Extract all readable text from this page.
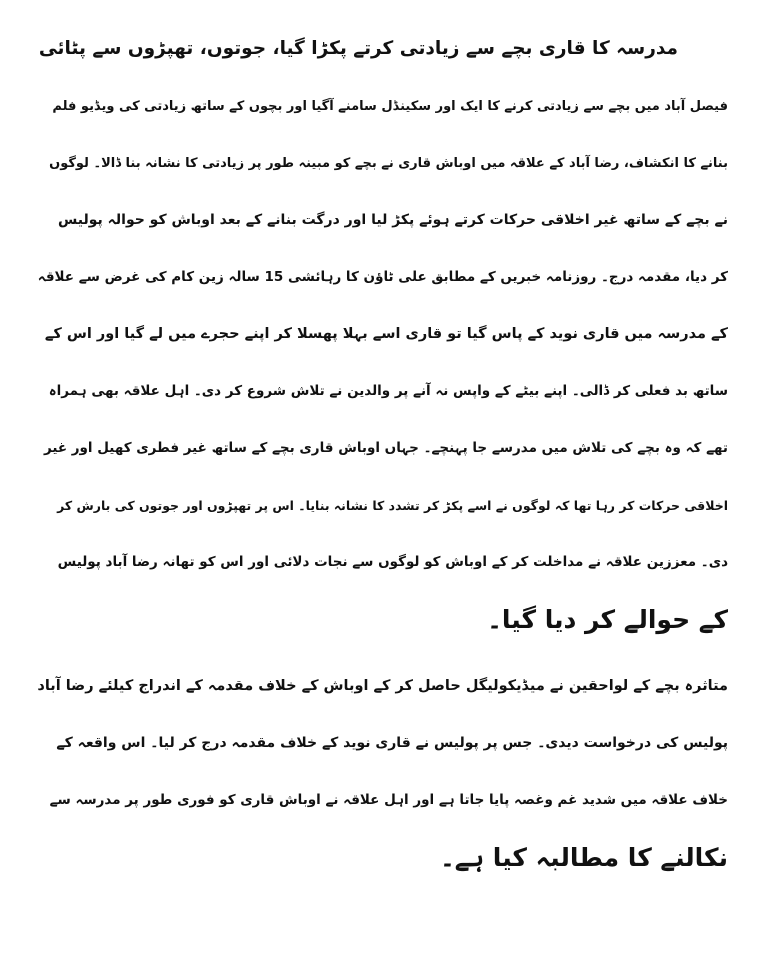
مدرسہ کا قاری بچے سے زیادتی کرتے پکڑا گیا، جوتوں، تھپڑوں سے پٹائی

فیصل آباد میں بچے سے زیادتی کرنے کا ایک اور سکینڈل سامنے آگیا اور بچوں کے ساتھ زیادتی کی ویڈیو فلم
بنانے کا انکشاف، رضا آباد کے علاقہ میں اوباش قاری نے بچے کو مبینہ طور پر زیادتی کا نشانہ بنا ڈالا۔ لوگوں
نے بچے کے ساتھ غیر اخلاقی حرکات کرتے ہوئے پکڑ لیا اور درگت بنانے کے بعد اوباش کو حوالہ پولیس
کر دیا، مقدمہ درج۔ روزنامہ خبریں کے مطابق علی ٹاؤن کا رہائشی 15 سالہ زین کام کی غرض سے علاقہ
کے مدرسہ میں قاری نوید کے پاس گیا تو قاری اسے بہلا پھسلا کر اپنے حجرے میں لے گیا اور اس کے
ساتھ بد فعلی کر ڈالی۔ اپنے بیٹے کے واپس نہ آنے پر والدین نے تلاش شروع کر دی۔ اہل علاقہ بھی ہمراہ
تھے کہ وہ بچے کی تلاش میں مدرسے جا پہنچے۔ جہاں اوباش قاری بچے کے ساتھ غیر فطری کھیل اور غیر
اخلاقی حرکات کر رہا تھا کہ لوگوں نے اسے پکڑ کر تشدد کا نشانہ بنایا۔ اس پر تھپڑوں اور جوتوں کی بارش کر
دی۔ معززین علاقہ نے مداخلت کر کے اوباش کو لوگوں سے نجات دلائی اور اس کو تھانہ رضا آباد پولیس
کے حوالے کر دیا گیا۔

متاثرہ بچے کے لواحقین نے میڈیکولیگل حاصل کر کے اوباش کے خلاف مقدمہ کے اندراج کیلئے رضا آباد
پولیس کی درخواست دیدی۔ جس پر پولیس نے قاری نوید کے خلاف مقدمہ درج کر لیا۔ اس واقعہ کے
خلاف علاقہ میں شدید غم وغصہ پایا جاتا ہے اور اہل علاقہ نے اوباش قاری کو فوری طور پر مدرسہ سے
نکالنے کا مطالبہ کیا ہے۔
